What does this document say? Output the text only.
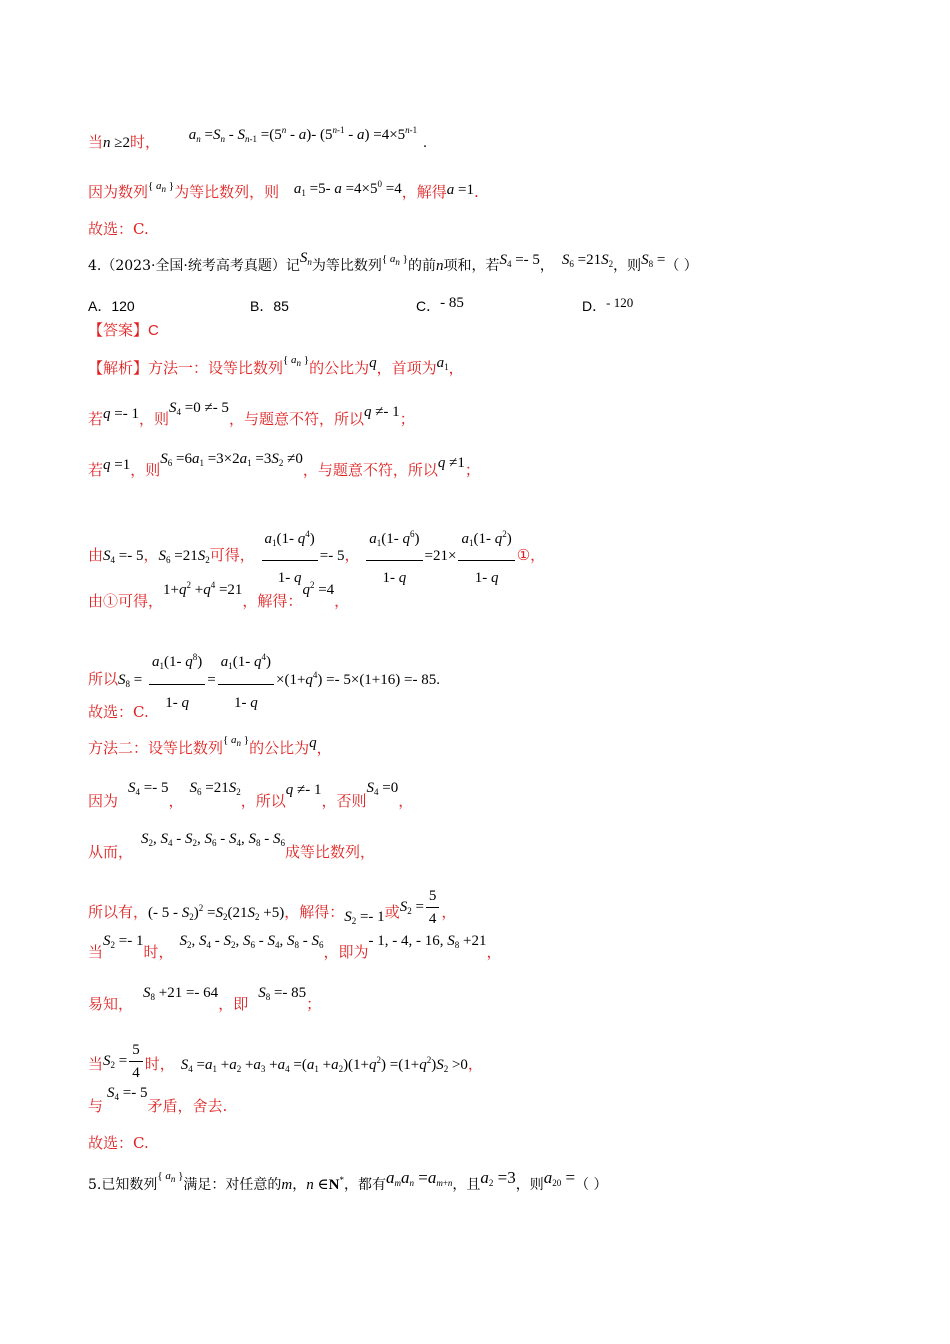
当n ≥2时， $a_n =S_n - S_{n-1} =(5^n - a)-$ $(5^{n-1} - a) =4\times 5^{n-1}$.
因为数列$^{\{ a_n \}}$为等比数列，则 $a_1 =5-$ $a =4\times 5^0 =4$，解得a =1.
故选：C.
4.（2023·全国·统考高考真题）记$S_n$为等比数列$^{\{ a_n \}}$的前n项和，若$S_4 =- 5$， $S_6 =21S_2$，则$S_8$ =（ ）
A．120	B．85	C．- 85	D．- 120
【答案】C
【解析】方法一：设等比数列$^{\{ a_n \}}$的公比为q，首项为$a_1$，
若q =- 1，则$S_4 =0 \ne- 5$，与题意不符，所以q ≠- 1；
若q =1，则$S_6 =6a_1 =3\times 2a_1 =3S_2 \ne 0$，与题意不符，所以q ≠1；
由$S_4 =- 5$，$S_6 =21S_2$可得， $\frac{a_1(1- q^4)}{1- q} =- 5$， $\frac{a_1(1- q^6)}{1- q} =21\times \frac{a_1(1- q^2)}{1- q}$ ①，
由①可得，$1+q^2 +q^4 =21$，解得：$q^2 =4$，
所以$S_8 = \frac{a_1(1- q^8)}{1- q} = \frac{a_1(1- q^4)}{1- q} \times(1+q^4) =- 5\times(1+16) =- 85$.
故选：C.
方法二：设等比数列$^{\{ a_n \}}$的公比为q，
因为$S_4 =- 5$，$S_6 =21S_2$，所以q ≠- 1，否则$S_4 =0$，
从而，$S_2$, $S_4 - S_2$, $S_6 - S_4$, $S_8 - S_6$成等比数列，
所以有，(- $5 - S_2)^2 =S_2(21S_2 +5)$，解得：$S_2 =- 1$或$S_2 = \frac{5}{4}$ ，
当$S_2 =- 1$时，$S_2$, $S_4 - S_2$, $S_6 - S_4$, $S_8 - S_6$，即为- 1, - 4, - 16, $S_8 +21$，
易知，$S_8 +21 =- 64$，即$S_8 =- 85$；
当$S_2 = \frac{5}{4}$ 时， $S_4 =a_1 +a_2 +a_3 +a_4 =(a_1 +a_2)(1+q^2) =(1+q^2)S_2 >0$，
与$S_4 =- 5$矛盾，舍去.
故选：C.
5.已知数列$^{\{ a_n \}}$满足：对任意的m，n ∈N*，都有$a_ma_n =a_{m+n}$，且$a_2 =3$，则$a_{20}$ =（ ）
